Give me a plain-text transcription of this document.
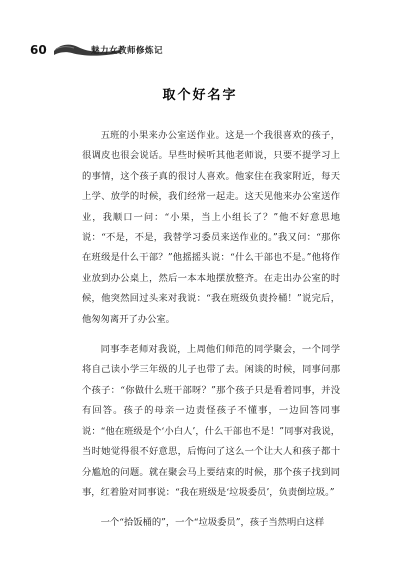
60	魅力女教师修炼记
取个好名字

五班的小果来办公室送作业。这是一个我很喜欢的孩子，很调皮也很会说话。早些时候听其他老师说，只要不提学习上的事情，这个孩子真的很讨人喜欢。他家住在我家附近，每天上学、放学的时候，我们经常一起走。这天见他来办公室送作业，我顺口一问：“小果，当上小组长了？”他不好意思地说：“不是，不是，我替学习委员来送作业的。”我又问：“那你在班级是什么干部？”他摇摇头说：“什么干部也不是。”他将作业放到办公桌上，然后一本本地摆放整齐。在走出办公室的时候，他突然回过头来对我说：“我在班级负责拎桶！”说完后，他匆匆离开了办公室。

同事李老师对我说，上周他们师范的同学聚会，一个同学将自己读小学三年级的儿子也带了去。闲谈的时候，同事问那个孩子：“你做什么班干部呀？”那个孩子只是看着同事，并没有回答。孩子的母亲一边责怪孩子不懂事，一边回答同事说：“他在班级是个‘小白人’，什么干部也不是！”同事对我说，当时她觉得很不好意思，后悔问了这么一个让大人和孩子都十分尴尬的问题。就在聚会马上要结束的时候，那个孩子找到同事，红着脸对同事说：“我在班级是‘垃圾委员’，负责倒垃圾。”

一个“拾饭桶的”，一个“垃圾委员”，孩子当然明白这样
